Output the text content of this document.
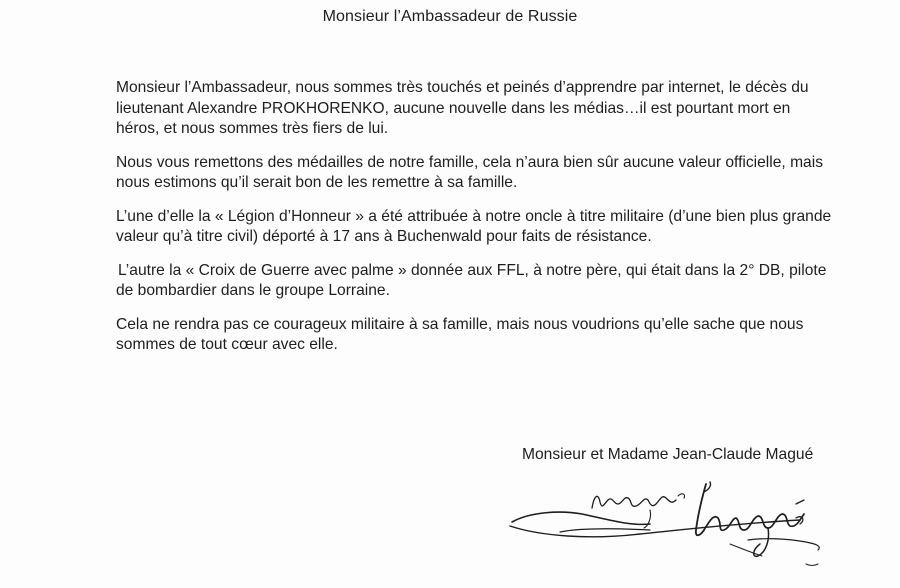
Monsieur l’Ambassadeur de Russie

Monsieur l’Ambassadeur, nous sommes très touchés et peinés d’apprendre par internet, le décès du lieutenant Alexandre PROKHORENKO, aucune nouvelle dans les médias…il est pourtant mort en héros, et nous sommes très fiers de lui.

Nous vous remettons des médailles de notre famille, cela n’aura bien sûr aucune valeur officielle, mais nous estimons qu’il serait bon de les remettre à sa famille.

L’une d’elle la « Légion d’Honneur » a été attribuée à notre oncle à titre militaire (d’une bien plus grande valeur qu’à titre civil) déporté à 17 ans à Buchenwald pour faits de résistance.

L’autre la « Croix de Guerre avec palme » donnée aux FFL, à notre père, qui était dans la 2° DB, pilote de bombardier dans le groupe Lorraine.

Cela ne rendra pas ce courageux militaire à sa famille, mais nous voudrions qu’elle sache que nous sommes de tout cœur avec elle.

Monsieur et Madame Jean-Claude Magué
